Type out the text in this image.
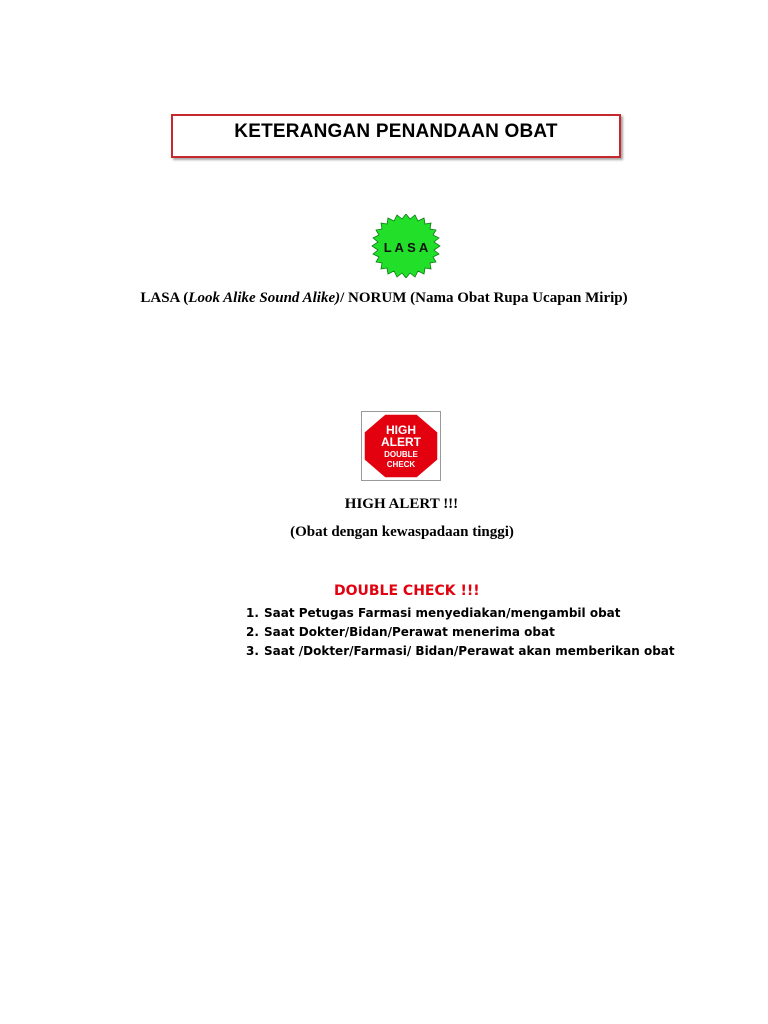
KETERANGAN PENANDAAN OBAT
L A S A
LASA (Look Alike Sound Alike)/ NORUM (Nama Obat Rupa Ucapan Mirip)
HIGH
ALERT
DOUBLE
CHECK
HIGH ALERT !!!
(Obat dengan kewaspadaan tinggi)
DOUBLE CHECK !!!
1. Saat Petugas Farmasi menyediakan/mengambil obat
2. Saat Dokter/Bidan/Perawat menerima obat
3. Saat /Dokter/Farmasi/ Bidan/Perawat akan memberikan obat
